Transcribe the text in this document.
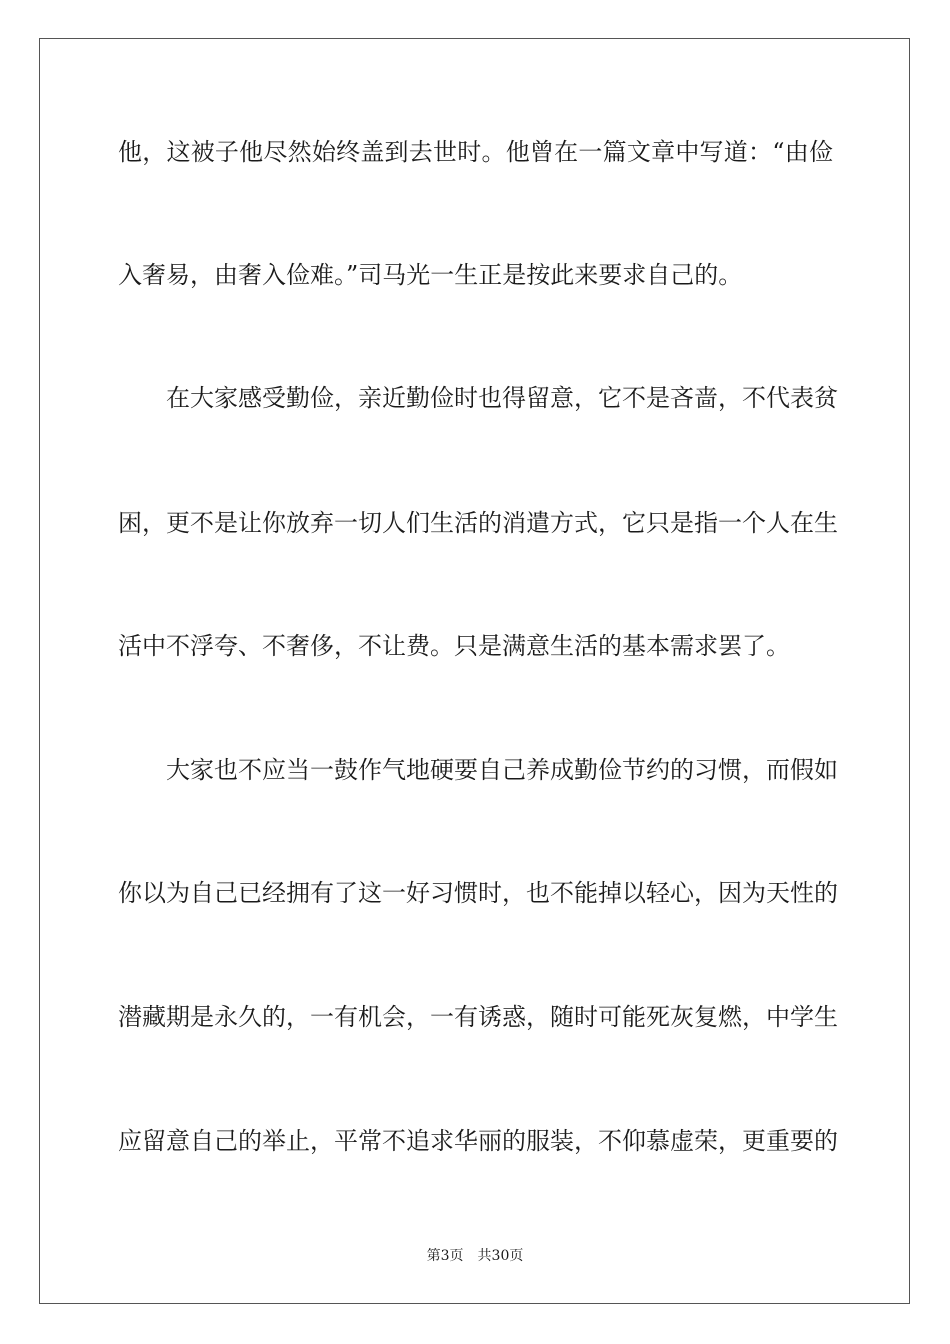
他，这被子他尽然始终盖到去世时。他曾在一篇文章中写道：“由俭
入奢易，由奢入俭难。”司马光一生正是按此来要求自己的。
在大家感受勤俭，亲近勤俭时也得留意，它不是吝啬，不代表贫
困，更不是让你放弃一切人们生活的消遣方式，它只是指一个人在生
活中不浮夸、不奢侈，不让费。只是满意生活的基本需求罢了。
大家也不应当一鼓作气地硬要自己养成勤俭节约的习惯，而假如
你以为自己已经拥有了这一好习惯时，也不能掉以轻心，因为天性的
潜藏期是永久的，一有机会，一有诱惑，随时可能死灰复燃，中学生
应留意自己的举止，平常不追求华丽的服装，不仰慕虚荣，更重要的
第3页 共30页
